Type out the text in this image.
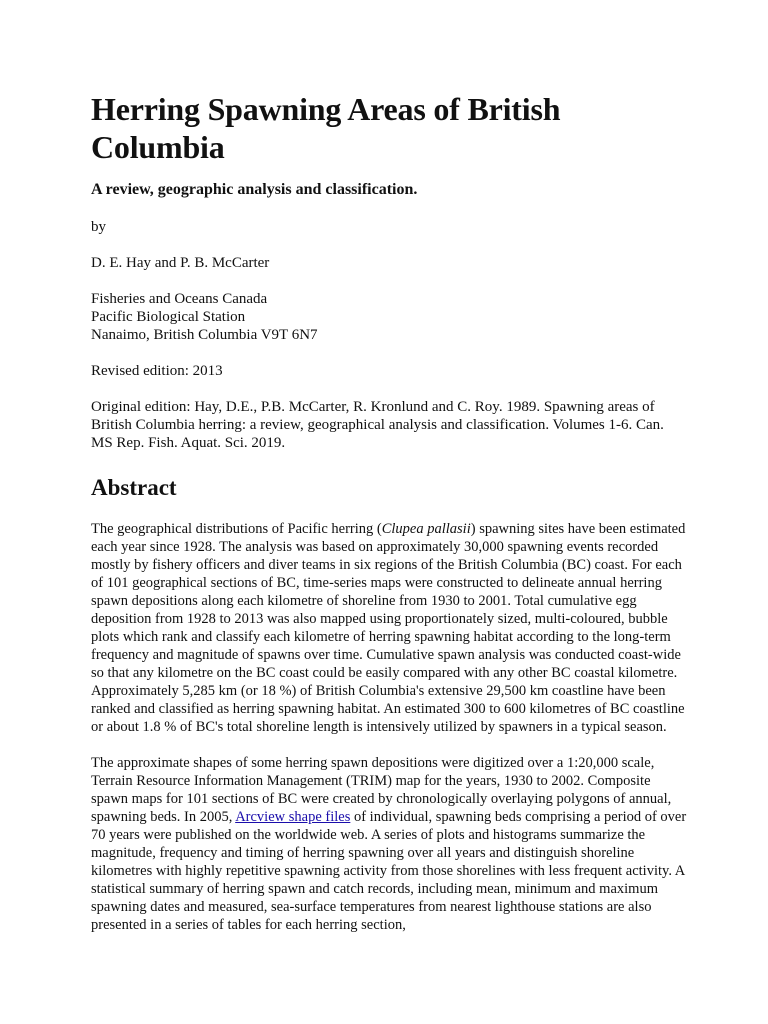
Herring Spawning Areas of British Columbia
A review, geographic analysis and classification.

by

D. E. Hay and P. B. McCarter

Fisheries and Oceans Canada
Pacific Biological Station
Nanaimo, British Columbia V9T 6N7

Revised edition: 2013

Original edition: Hay, D.E., P.B. McCarter, R. Kronlund and C. Roy. 1989. Spawning areas of British Columbia herring: a review, geographical analysis and classification. Volumes 1-6. Can. MS Rep. Fish. Aquat. Sci. 2019.

Abstract

The geographical distributions of Pacific herring (Clupea pallasii) spawning sites have been estimated each year since 1928. The analysis was based on approximately 30,000 spawning events recorded mostly by fishery officers and diver teams in six regions of the British Columbia (BC) coast. For each of 101 geographical sections of BC, time-series maps were constructed to delineate annual herring spawn depositions along each kilometre of shoreline from 1930 to 2001. Total cumulative egg deposition from 1928 to 2013 was also mapped using proportionately sized, multi-coloured, bubble plots which rank and classify each kilometre of herring spawning habitat according to the long-term frequency and magnitude of spawns over time. Cumulative spawn analysis was conducted coast-wide so that any kilometre on the BC coast could be easily compared with any other BC coastal kilometre. Approximately 5,285 km (or 18 %) of British Columbia's extensive 29,500 km coastline have been ranked and classified as herring spawning habitat. An estimated 300 to 600 kilometres of BC coastline or about 1.8 % of BC's total shoreline length is intensively utilized by spawners in a typical season.

The approximate shapes of some herring spawn depositions were digitized over a 1:20,000 scale, Terrain Resource Information Management (TRIM) map for the years, 1930 to 2002. Composite spawn maps for 101 sections of BC were created by chronologically overlaying polygons of annual, spawning beds. In 2005, Arcview shape files of individual, spawning beds comprising a period of over 70 years were published on the worldwide web. A series of plots and histograms summarize the magnitude, frequency and timing of herring spawning over all years and distinguish shoreline kilometres with highly repetitive spawning activity from those shorelines with less frequent activity. A statistical summary of herring spawn and catch records, including mean, minimum and maximum spawning dates and measured, sea-surface temperatures from nearest lighthouse stations are also presented in a series of tables for each herring section,
